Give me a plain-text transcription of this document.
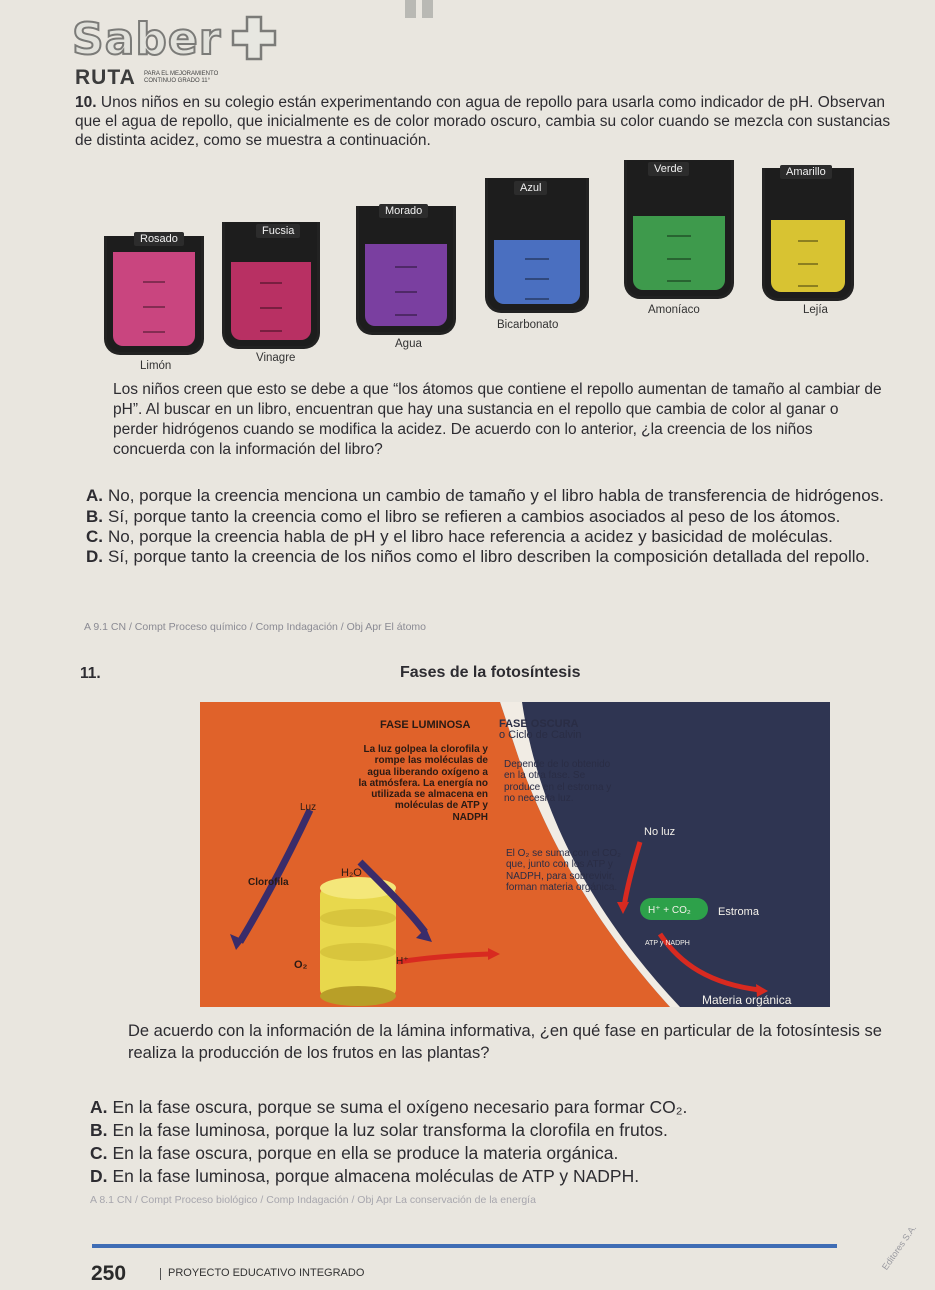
Saber
RUTA PARA EL MEJORAMIENTO
CONTINUO GRADO 11°
10. Unos niños en su colegio están experimentando con agua de repollo para usarla como indicador de pH. Observan que el agua de repollo, que inicialmente es de color morado oscuro, cambia su color cuando se mezcla con sustancias de distinta acidez, como se muestra a continuación.
Rosado
Fucsia
Morado
Azul
Verde	Amarillo
Limón
Vinagre
Agua
Bicarbonato
Amoníaco	Lejía
Los niños creen que esto se debe a que “los átomos que contiene el repollo aumentan de tamaño al cambiar de pH”. Al buscar en un libro, encuentran que hay una sustancia en el repollo que cambia de color al ganar o perder hidrógenos cuando se modifica la acidez. De acuerdo con lo anterior, ¿la creencia de los niños concuerda con la información del libro?
A. No, porque la creencia menciona un cambio de tamaño y el libro habla de transferencia de hidrógenos.
B. Sí, porque tanto la creencia como el libro se refieren a cambios asociados al peso de los átomos.
C. No, porque la creencia habla de pH y el libro hace referencia a acidez y basicidad de moléculas.
D. Sí, porque tanto la creencia de los niños como el libro describen la composición detallada del repollo.
A 9.1 CN / Compt Proceso químico / Comp Indagación / Obj Apr El átomo
11.	Fases de la fotosíntesis
FASE LUMINOSA
La luz golpea la clorofila y rompe las moléculas de agua liberando oxígeno a la atmósfera. La energía no utilizada se almacena en moléculas de ATP y NADPH
FASE OSCURA
o Ciclo de Calvin
Depende de lo obtenido en la otra fase. Se produce en el estroma y no necesita luz.
El O₂ se suma con el CO₂ que, junto con los ATP y NADPH, para sobrevivir, forman materia orgánica.
Luz
Clorofila
H₂O
O₂	H⁺
No luz
H⁺ + CO₂ Estroma
ATP y NADPH
Materia orgánica
De acuerdo con la información de la lámina informativa, ¿en qué fase en particular de la fotosíntesis se realiza la producción de los frutos en las plantas?
A. En la fase oscura, porque se suma el oxígeno necesario para formar CO₂.
B. En la fase luminosa, porque la luz solar transforma la clorofila en frutos.
C. En la fase oscura, porque en ella se produce la materia orgánica.
D. En la fase luminosa, porque almacena moléculas de ATP y NADPH.
A 8.1 CN / Compt Proceso biológico / Comp Indagación / Obj Apr La conservación de la energía
250	PROYECTO EDUCATIVO INTEGRADO
Editores S.A.
